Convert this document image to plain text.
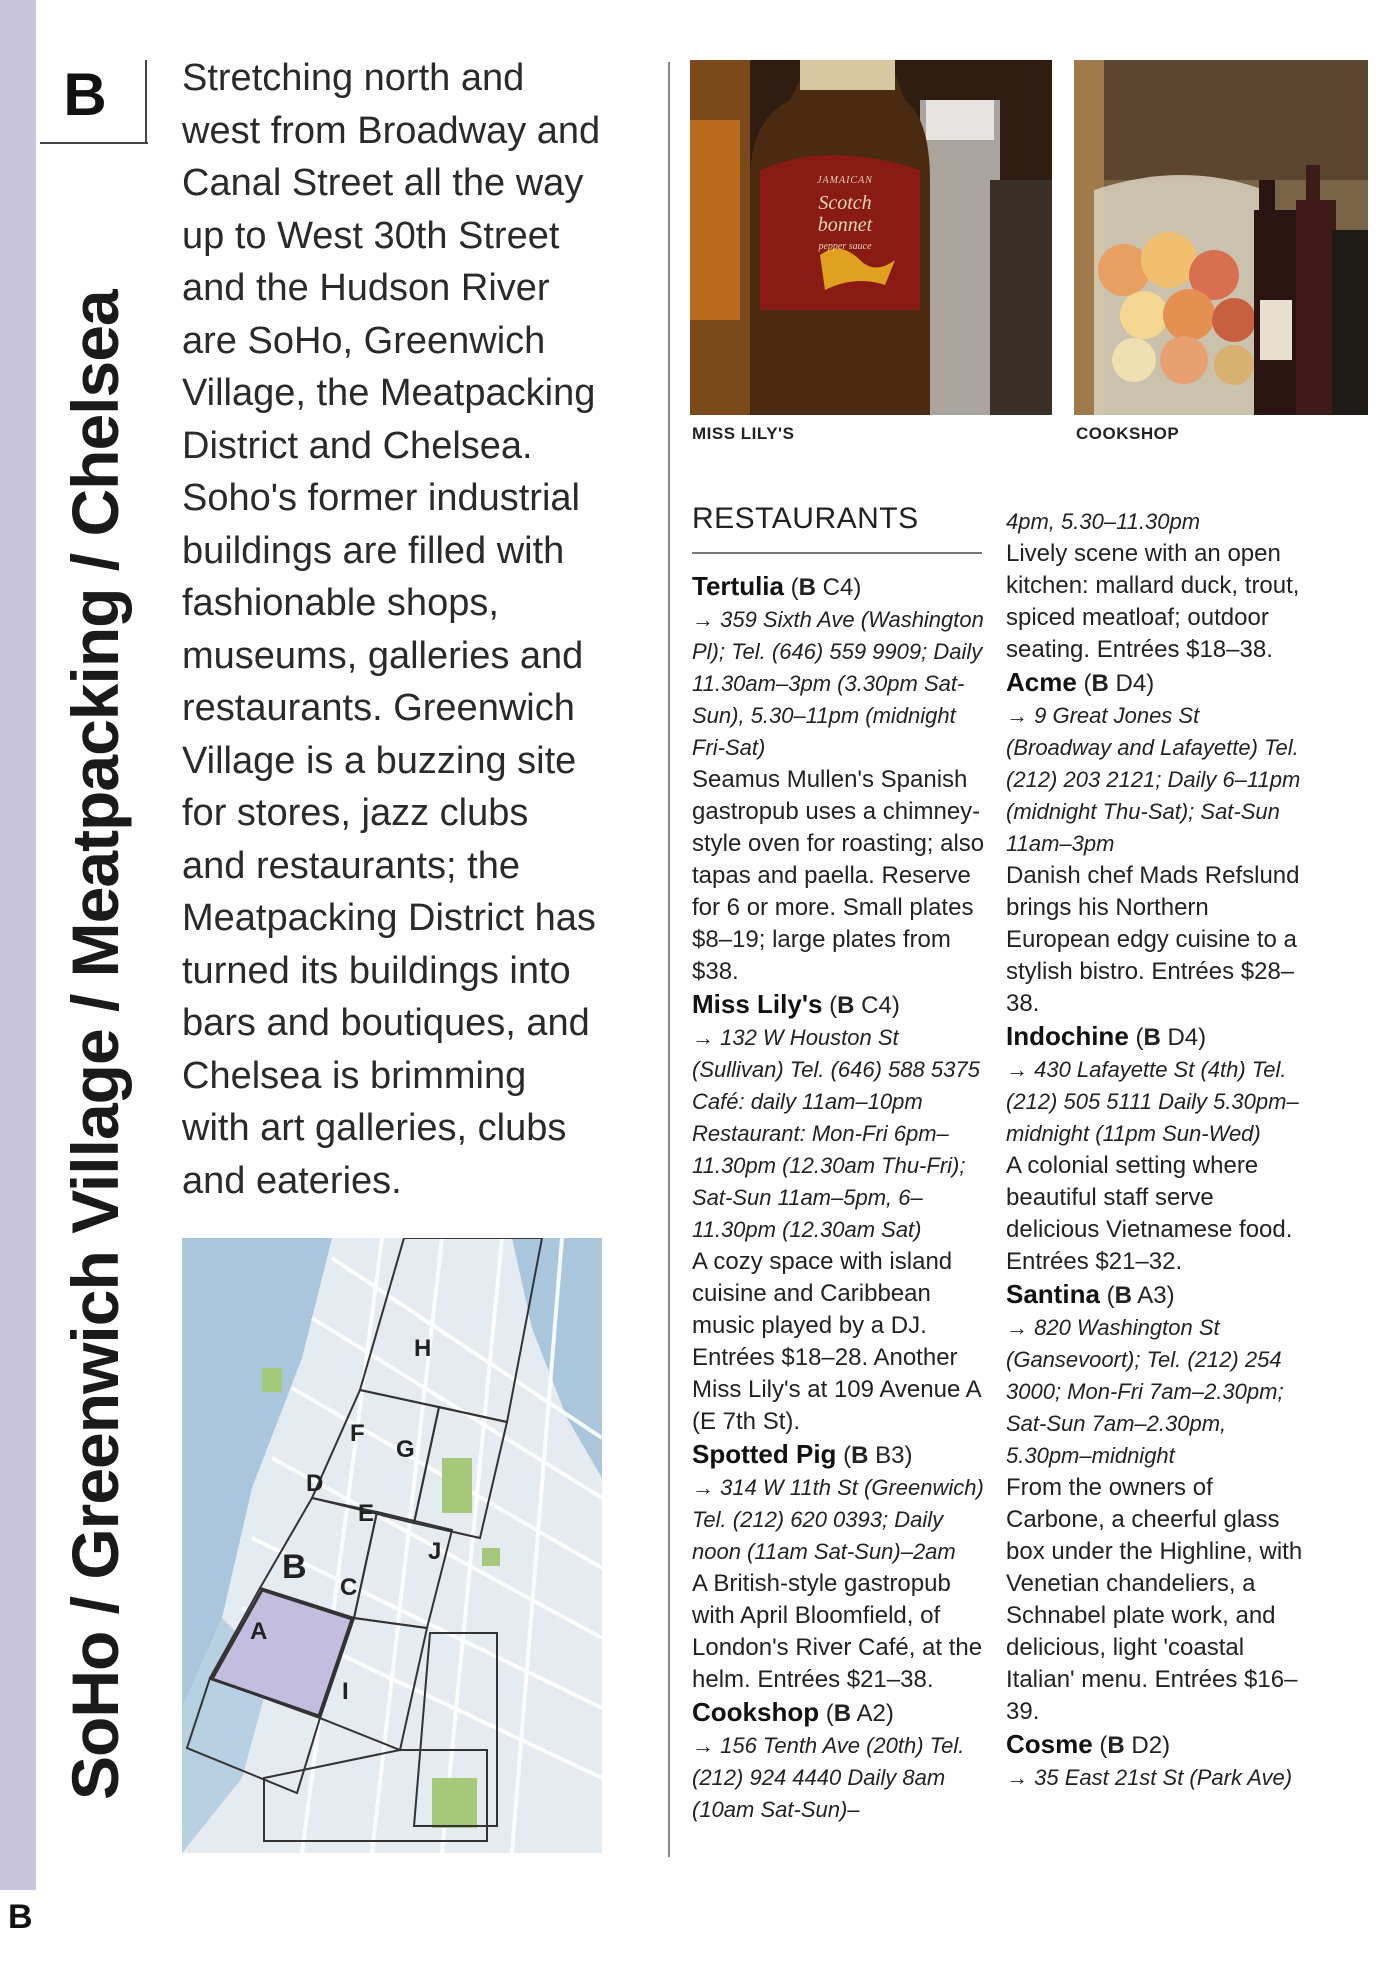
B
B
SoHo / Greenwich Village / Meatpacking / Chelsea
Stretching north and west from Broadway and Canal Street all the way up to West 30th Street and the Hudson River are SoHo, Greenwich Village, the Meatpacking District and Chelsea. Soho's former industrial buildings are filled with fashionable shops, museums, galleries and restaurants. Greenwich Village is a buzzing site for stores, jazz clubs and restaurants; the Meatpacking District has turned its buildings into bars and boutiques, and Chelsea is brimming with art galleries, clubs and eateries.
H
F
G
D
E
B
C
A
I
J
JAMAICAN
Scotch
bonnet
pepper sauce
MISS LILY'S	COOKSHOP
RESTAURANTS
Tertulia (B C4)
→ 359 Sixth Ave (Washington Pl); Tel. (646) 559 9909; Daily 11.30am–3pm (3.30pm Sat-Sun), 5.30–11pm (midnight Fri-Sat)
Seamus Mullen's Spanish gastropub uses a chimney-style oven for roasting; also tapas and paella. Reserve for 6 or more. Small plates $8–19; large plates from $38.
Miss Lily's (B C4)
→ 132 W Houston St (Sullivan) Tel. (646) 588 5375 Café: daily 11am–10pm Restaurant: Mon-Fri 6pm–11.30pm (12.30am Thu-Fri); Sat-Sun 11am–5pm, 6–11.30pm (12.30am Sat)
A cozy space with island cuisine and Caribbean music played by a DJ. Entrées $18–28. Another Miss Lily's at 109 Avenue A (E 7th St).
Spotted Pig (B B3)
→ 314 W 11th St (Greenwich) Tel. (212) 620 0393; Daily noon (11am Sat-Sun)–2am
A British-style gastropub with April Bloomfield, of London's River Café, at the helm. Entrées $21–38.
Cookshop (B A2)
→ 156 Tenth Ave (20th) Tel. (212) 924 4440 Daily 8am (10am Sat-Sun)–
4pm, 5.30–11.30pm
Lively scene with an open kitchen: mallard duck, trout, spiced meatloaf; outdoor seating. Entrées $18–38.
Acme (B D4)
→ 9 Great Jones St (Broadway and Lafayette) Tel. (212) 203 2121; Daily 6–11pm (midnight Thu-Sat); Sat-Sun 11am–3pm
Danish chef Mads Refslund brings his Northern European edgy cuisine to a stylish bistro. Entrées $28–38.
Indochine (B D4)
→ 430 Lafayette St (4th) Tel. (212) 505 5111 Daily 5.30pm–midnight (11pm Sun-Wed)
A colonial setting where beautiful staff serve delicious Vietnamese food. Entrées $21–32.
Santina (B A3)
→ 820 Washington St (Gansevoort); Tel. (212) 254 3000; Mon-Fri 7am–2.30pm; Sat-Sun 7am–2.30pm, 5.30pm–midnight
From the owners of Carbone, a cheerful glass box under the Highline, with Venetian chandeliers, a Schnabel plate work, and delicious, light 'coastal Italian' menu. Entrées $16–39.
Cosme (B D2)
→ 35 East 21st St (Park Ave)
